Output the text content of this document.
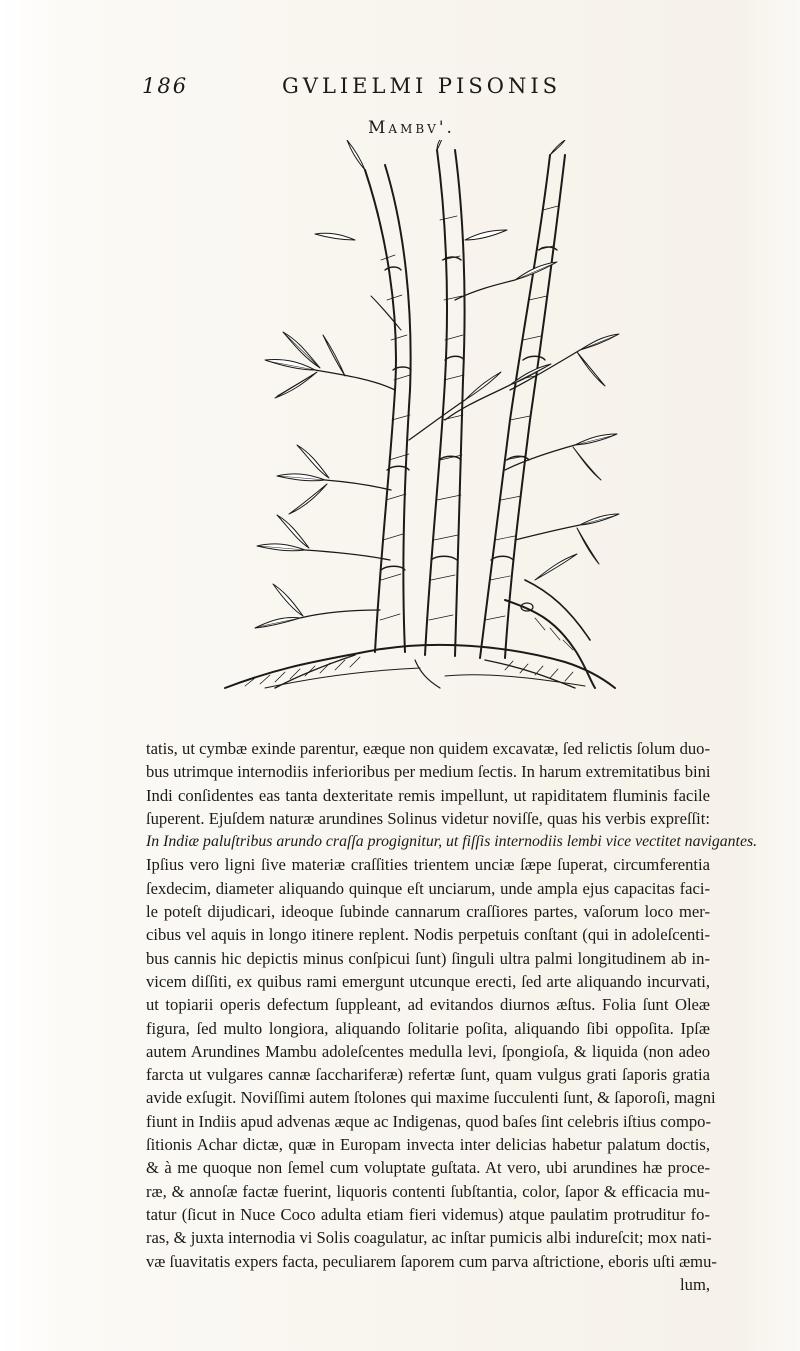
186	GVLIELMI PISONIS
Mambv'.
tatis, ut cymbæ exinde parentur, eæque non quidem excavatæ, ſed relictis ſolum duo-
bus utrimque internodiis inferioribus per medium ſectis. In harum extremitatibus bini
Indi conſidentes eas tanta dexteritate remis impellunt, ut rapiditatem fluminis facile
ſuperent. Ejuſdem naturæ arundines Solinus videtur noviſſe, quas his verbis expreſſit:
In Indiæ paluſtribus arundo craſſa progignitur, ut fiſſis internodiis lembi vice vectitet navigantes.
Ipſius vero ligni ſive materiæ craſſities trientem unciæ ſæpe ſuperat, circumferentia
ſexdecim, diameter aliquando quinque eſt unciarum, unde ampla ejus capacitas faci-
le poteſt dijudicari, ideoque ſubinde cannarum craſſiores partes, vaſorum loco mer-
cibus vel aquis in longo itinere replent. Nodis perpetuis conſtant (qui in adoleſcenti-
bus cannis hic depictis minus conſpicui ſunt) ſinguli ultra palmi longitudinem ab in-
vicem diſſiti, ex quibus rami emergunt utcunque erecti, ſed arte aliquando incurvati,
ut topiarii operis defectum ſuppleant, ad evitandos diurnos æſtus. Folia ſunt Oleæ
figura, ſed multo longiora, aliquando ſolitarie poſita, aliquando ſibi oppoſita. Ipſæ
autem Arundines Mambu adoleſcentes medulla levi, ſpongioſa, & liquida (non adeo
farcta ut vulgares cannæ ſacchariferæ) refertæ ſunt, quam vulgus grati ſaporis gratia
avide exſugit. Noviſſimi autem ſtolones qui maxime ſucculenti ſunt, & ſaporoſi, magni
fiunt in Indiis apud advenas æque ac Indigenas, quod baſes ſint celebris iſtius compo-
ſitionis Achar dictæ, quæ in Europam invecta inter delicias habetur palatum doctis,
& à me quoque non ſemel cum voluptate guſtata. At vero, ubi arundines hæ proce-
ræ, & annoſæ factæ fuerint, liquoris contenti ſubſtantia, color, ſapor & efficacia mu-
tatur (ſicut in Nuce Coco adulta etiam fieri videmus) atque paulatim protruditur fo-
ras, & juxta internodia vi Solis coagulatur, ac inſtar pumicis albi indureſcit; mox nati-
væ ſuavitatis expers facta, peculiarem ſaporem cum parva aſtrictione, eboris uſti æmu-
lum,
